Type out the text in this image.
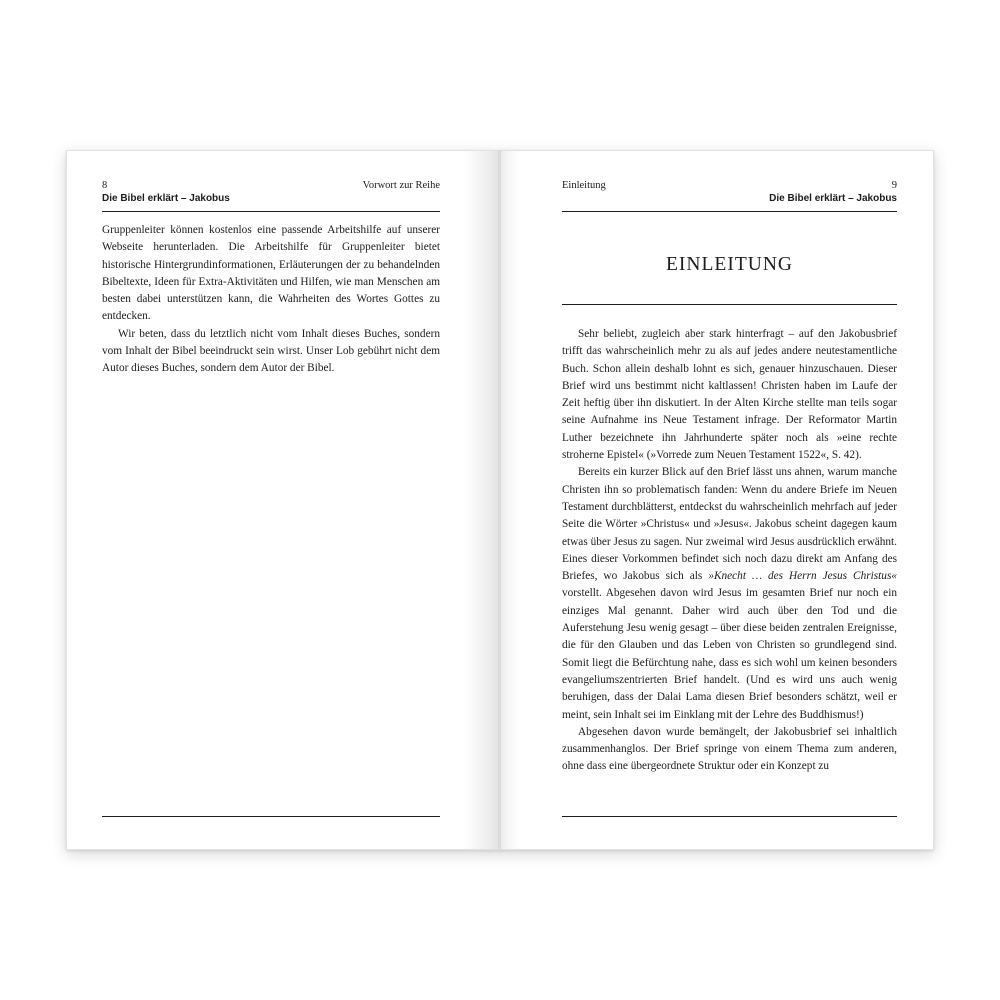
8	Vorwort zur Reihe
Die Bibel erklärt – Jakobus

Gruppenleiter können kostenlos eine passende Arbeitshilfe auf unserer Webseite herunterladen. Die Arbeitshilfe für Gruppenleiter bietet historische Hintergrundinformationen, Erläuterungen der zu behandelnden Bibeltexte, Ideen für Extra-Aktivitäten und Hilfen, wie man Menschen am besten dabei unterstützen kann, die Wahrheiten des Wortes Gottes zu entdecken.

Wir beten, dass du letztlich nicht vom Inhalt dieses Buches, sondern vom Inhalt der Bibel beeindruckt sein wirst. Unser Lob gebührt nicht dem Autor dieses Buches, sondern dem Autor der Bibel.

Einleitung	9
Die Bibel erklärt – Jakobus
EINLEITUNG

Sehr beliebt, zugleich aber stark hinterfragt – auf den Jakobusbrief trifft das wahrscheinlich mehr zu als auf jedes andere neutestamentliche Buch. Schon allein deshalb lohnt es sich, genauer hinzuschauen. Dieser Brief wird uns bestimmt nicht kaltlassen! Christen haben im Laufe der Zeit heftig über ihn diskutiert. In der Alten Kirche stellte man teils sogar seine Aufnahme ins Neue Testament infrage. Der Reformator Martin Luther bezeichnete ihn Jahrhunderte später noch als »eine rechte stroherne Epistel« (»Vorrede zum Neuen Testament 1522«, S. 42).

Bereits ein kurzer Blick auf den Brief lässt uns ahnen, warum manche Christen ihn so problematisch fanden: Wenn du andere Briefe im Neuen Testament durchblätterst, entdeckst du wahrscheinlich mehrfach auf jeder Seite die Wörter »Christus« und »Jesus«. Jakobus scheint dagegen kaum etwas über Jesus zu sagen. Nur zweimal wird Jesus ausdrücklich erwähnt. Eines dieser Vorkommen befindet sich noch dazu direkt am Anfang des Briefes, wo Jakobus sich als »Knecht … des Herrn Jesus Christus« vorstellt. Abgesehen davon wird Jesus im gesamten Brief nur noch ein einziges Mal genannt. Daher wird auch über den Tod und die Auferstehung Jesu wenig gesagt – über diese beiden zentralen Ereignisse, die für den Glauben und das Leben von Christen so grundlegend sind. Somit liegt die Befürchtung nahe, dass es sich wohl um keinen besonders evangeliumszentrierten Brief handelt. (Und es wird uns auch wenig beruhigen, dass der Dalai Lama diesen Brief besonders schätzt, weil er meint, sein Inhalt sei im Einklang mit der Lehre des Buddhismus!)

Abgesehen davon wurde bemängelt, der Jakobusbrief sei inhaltlich zusammenhanglos. Der Brief springe von einem Thema zum anderen, ohne dass eine übergeordnete Struktur oder ein Konzept zu
